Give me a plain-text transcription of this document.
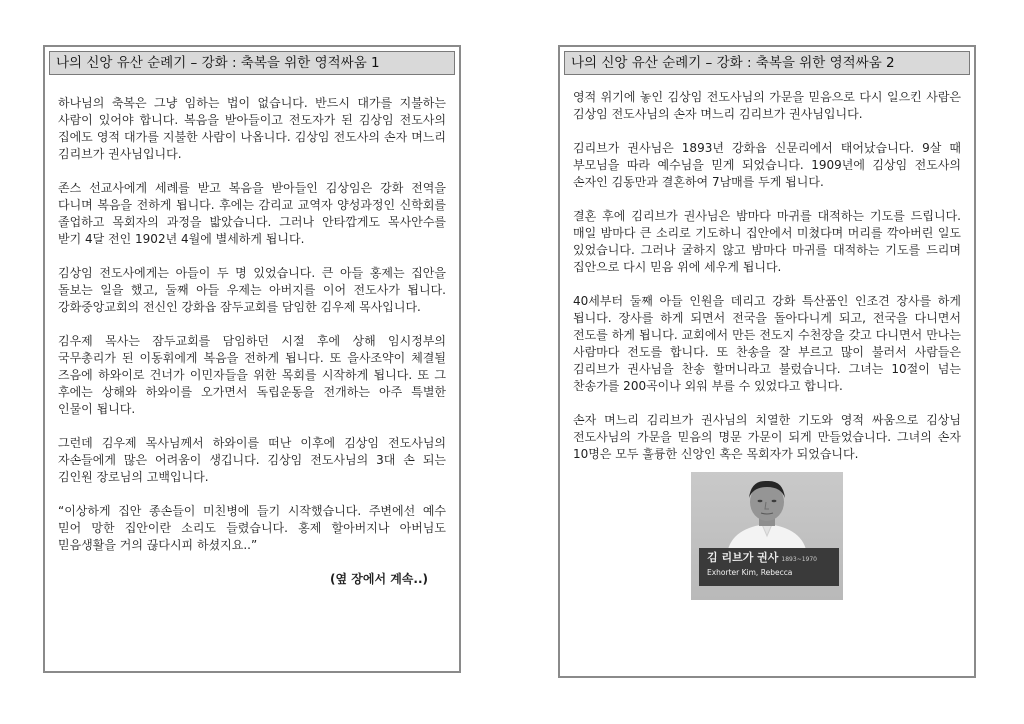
나의 신앙 유산 순례기 – 강화 : 축복을 위한 영적싸움 1

하나님의 축복은 그냥 임하는 법이 없습니다. 반드시 대가를 지불하는 사람이 있어야 합니다. 복음을 받아들이고 전도자가 된 김상임 전도사의 집에도 영적 대가를 지불한 사람이 나옵니다. 김상임 전도사의 손자 며느리 김리브가 권사님입니다.

존스 선교사에게 세례를 받고 복음을 받아들인 김상임은 강화 전역을 다니며 복음을 전하게 됩니다. 후에는 감리교 교역자 양성과정인 신학회를 졸업하고 목회자의 과정을 밟았습니다. 그러나 안타깝게도 목사안수를 받기 4달 전인 1902년 4월에 별세하게 됩니다.

김상임 전도사에게는 아들이 두 명 있었습니다. 큰 아들 홍제는 집안을 돌보는 일을 했고, 둘째 아들 우제는 아버지를 이어 전도사가 됩니다. 강화중앙교회의 전신인 강화읍 잠두교회를 담임한 김우제 목사입니다.

김우제 목사는 잠두교회를 담임하던 시절 후에 상해 임시정부의 국무총리가 된 이동휘에게 복음을 전하게 됩니다. 또 을사조약이 체결될 즈음에 하와이로 건너가 이민자들을 위한 목회를 시작하게 됩니다. 또 그 후에는 상해와 하와이를 오가면서 독립운동을 전개하는 아주 특별한 인물이 됩니다.

그런데 김우제 목사님께서 하와이를 떠난 이후에 김상임 전도사님의 자손들에게 많은 어려움이 생깁니다. 김상임 전도사님의 3대 손 되는 김인원 장로님의 고백입니다.

“이상하게 집안 종손들이 미친병에 들기 시작했습니다. 주변에선 예수 믿어 망한 집안이란 소리도 들렸습니다. 홍제 할아버지나 아버님도 믿음생활을 거의 끊다시피 하셨지요..”

(옆 장에서 계속..)
나의 신앙 유산 순례기 – 강화 : 축복을 위한 영적싸움 2

영적 위기에 놓인 김상임 전도사님의 가문을 믿음으로 다시 일으킨 사람은 김상임 전도사님의 손자 며느리 김리브가 권사님입니다.

김리브가 권사님은 1893년 강화읍 신문리에서 태어났습니다. 9살 때 부모님을 따라 예수님을 믿게 되었습니다. 1909년에 김상임 전도사의 손자인 김동만과 결혼하여 7남매를 두게 됩니다.

결혼 후에 김리브가 권사님은 밤마다 마귀를 대적하는 기도를 드립니다. 매일 밤마다 큰 소리로 기도하니 집안에서 미쳤다며 머리를 깍아버린 일도 있었습니다. 그러나 굴하지 않고 밤마다 마귀를 대적하는 기도를 드리며 집안으로 다시 믿음 위에 세우게 됩니다.

40세부터 둘째 아들 인원을 데리고 강화 특산품인 인조견 장사를 하게 됩니다. 장사를 하게 되면서 전국을 돌아다니게 되고, 전국을 다니면서 전도를 하게 됩니다. 교회에서 만든 전도지 수천장을 갖고 다니면서 만나는 사람마다 전도를 합니다. 또 찬송을 잘 부르고 많이 불러서 사람들은 김리브가 권사님을 찬송 할머니라고 불렀습니다. 그녀는 10절이 넘는 찬송가를 200곡이나 외워 부를 수 있었다고 합니다.

손자 며느리 김리브가 권사님의 치열한 기도와 영적 싸움으로 김상님 전도사님의 가문을 믿음의 명문 가문이 되게 만들었습니다. 그녀의 손자 10명은 모두 훌륭한 신앙인 혹은 목회자가 되었습니다.

김 리브가 권사 1893~1970
Exhorter Kim, Rebecca
